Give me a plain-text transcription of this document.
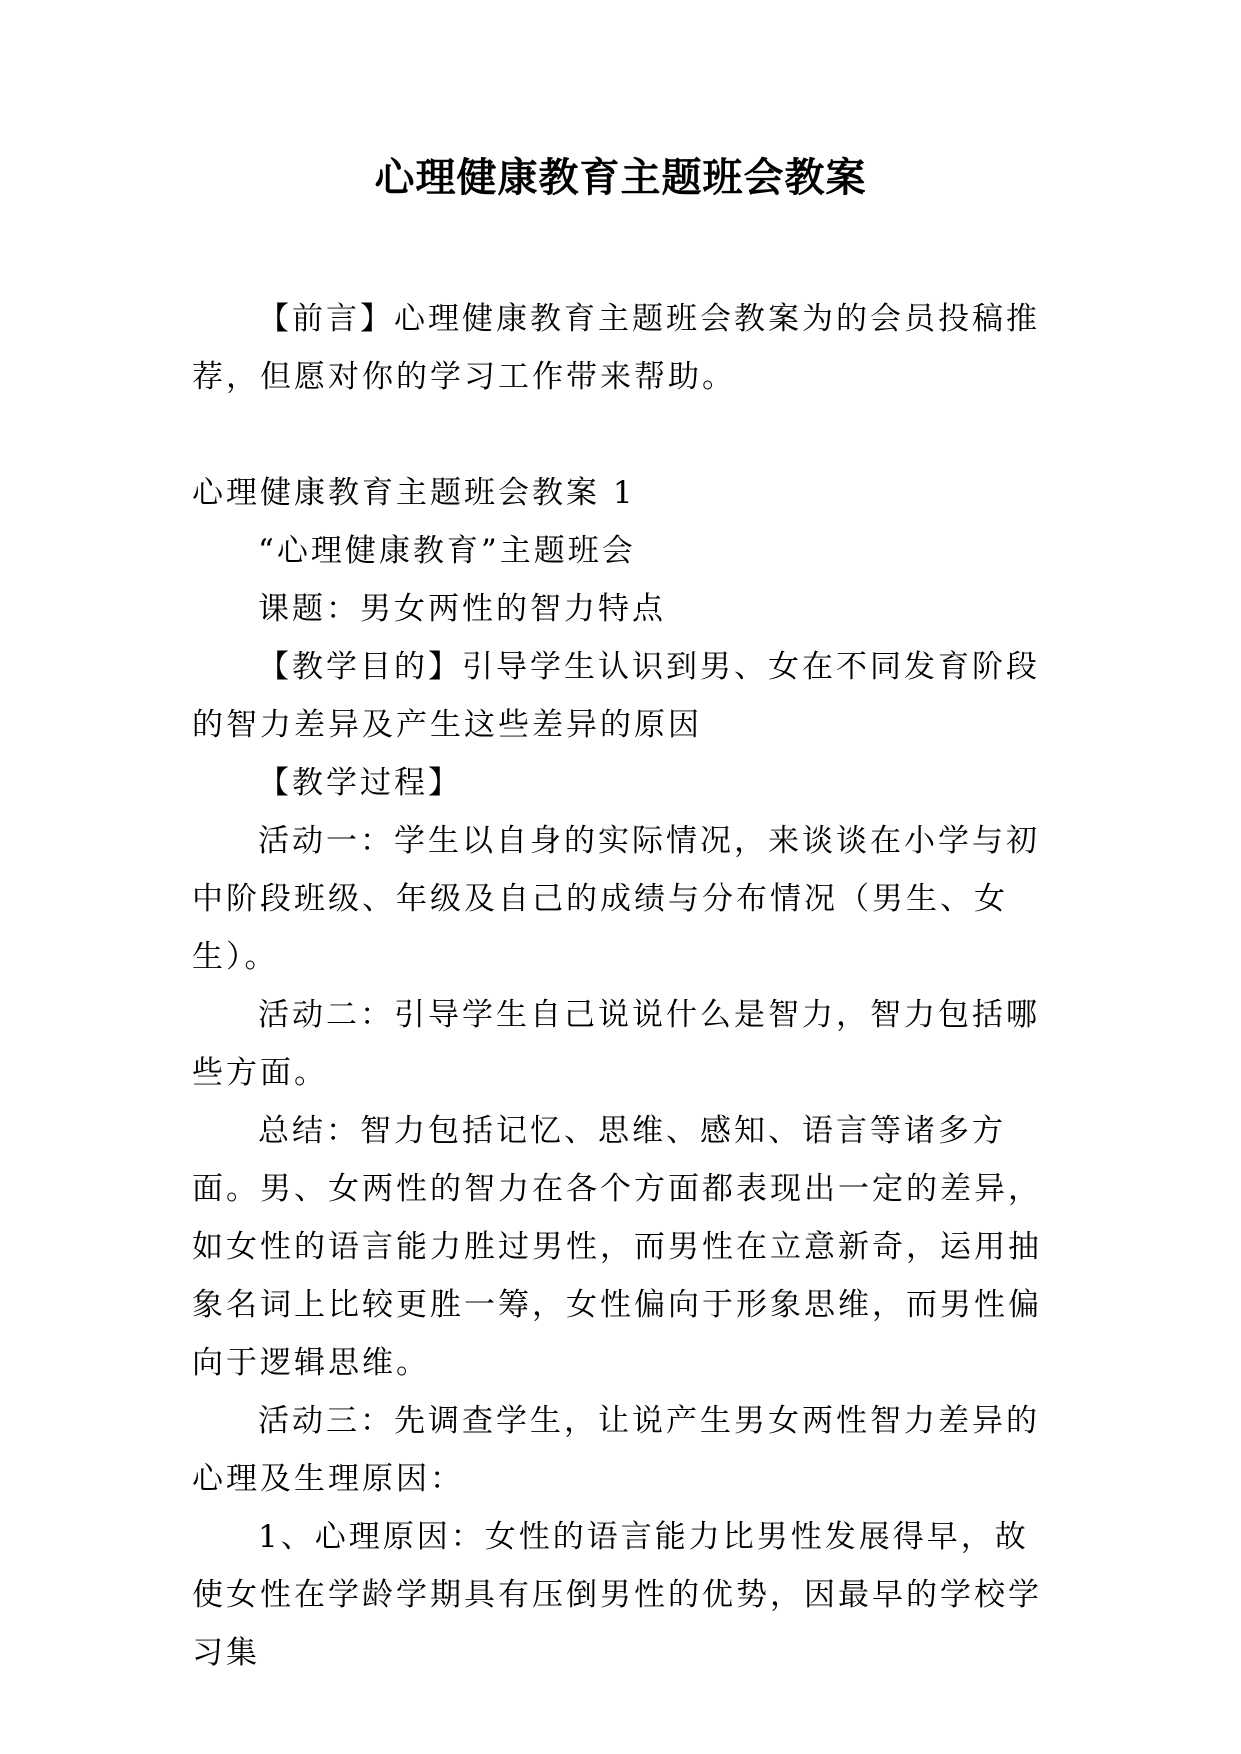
心理健康教育主题班会教案

【前言】心理健康教育主题班会教案为的会员投稿推荐，但愿对你的学习工作带来帮助。

心理健康教育主题班会教案 1

“心理健康教育”主题班会

课题：男女两性的智力特点

【教学目的】引导学生认识到男、女在不同发育阶段的智力差异及产生这些差异的原因

【教学过程】

活动一：学生以自身的实际情况，来谈谈在小学与初中阶段班级、年级及自己的成绩与分布情况（男生、女生）。

活动二：引导学生自己说说什么是智力，智力包括哪些方面。

总结：智力包括记忆、思维、感知、语言等诸多方面。男、女两性的智力在各个方面都表现出一定的差异，如女性的语言能力胜过男性，而男性在立意新奇，运用抽象名词上比较更胜一筹，女性偏向于形象思维，而男性偏向于逻辑思维。

活动三：先调查学生，让说产生男女两性智力差异的心理及生理原因：

1、心理原因：女性的语言能力比男性发展得早，故使女性在学龄学期具有压倒男性的优势，因最早的学校学习集
